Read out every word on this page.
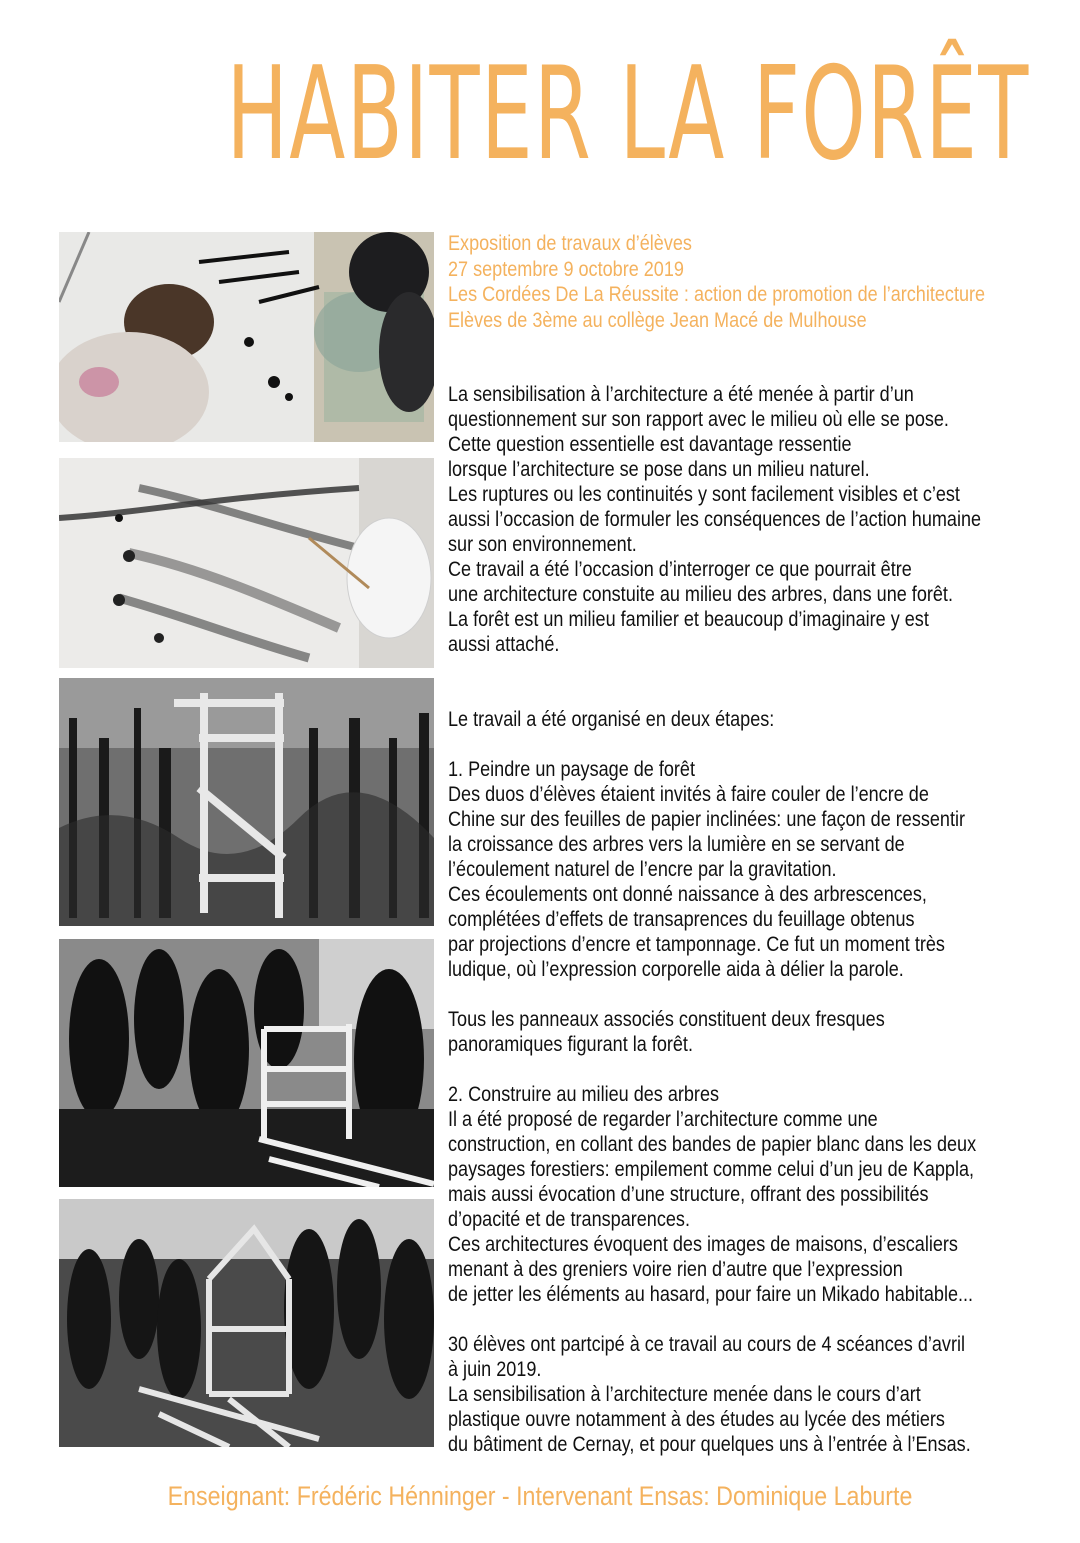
HABITER LA FORÊT
Exposition de travaux d’élèves
27 septembre 9 octobre 2019
Les Cordées De La Réussite : action de promotion de l’architecture
Elèves de 3ème au collège Jean Macé de Mulhouse
La sensibilisation à l’architecture a été menée à partir d’un
questionnement sur son rapport avec le milieu où elle se pose.
Cette question essentielle est davantage ressentie
lorsque l’architecture se pose dans un milieu naturel.
Les ruptures ou les continuités y sont facilement visibles et c’est
aussi l’occasion de formuler les conséquences de l’action humaine
sur son environnement.
Ce travail a été l’occasion d’interroger ce que pourrait être
une architecture constuite au milieu des arbres, dans une forêt.
La forêt est un milieu familier et beaucoup d’imaginaire y est
aussi attaché.
Le travail a été organisé en deux étapes:
1. Peindre un paysage de forêt
Des duos d’élèves étaient invités à faire couler de l’encre de
Chine sur des feuilles de papier inclinées: une façon de ressentir
la croissance des arbres vers la lumière en se servant de
l’écoulement naturel de l’encre par la gravitation.
Ces écoulements ont donné naissance à des arbrescences,
complétées d’effets de transaprences du feuillage obtenus
par projections d’encre et tamponnage. Ce fut un moment très
ludique, où l’expression corporelle aida à délier la parole.
Tous les panneaux associés constituent deux fresques
panoramiques figurant la forêt.
2. Construire au milieu des arbres
Il a été proposé de regarder l’architecture comme une
construction, en collant des bandes de papier blanc dans les deux
paysages forestiers: empilement comme celui d’un jeu de Kappla,
mais aussi évocation d’une structure, offrant des possibilités
d’opacité et de transparences.
Ces architectures évoquent des images de maisons, d’escaliers
menant à des greniers voire rien d’autre que l’expression
de jetter les éléments au hasard, pour faire un Mikado habitable...
30 élèves ont partcipé à ce travail au cours de 4 scéances d’avril
à juin 2019.
La sensibilisation à l’architecture menée dans le cours d’art
plastique ouvre notamment à des études au lycée des métiers
du bâtiment de Cernay, et pour quelques uns à l’entrée à l’Ensas.
Enseignant: Frédéric Hénninger - Intervenant Ensas: Dominique Laburte
